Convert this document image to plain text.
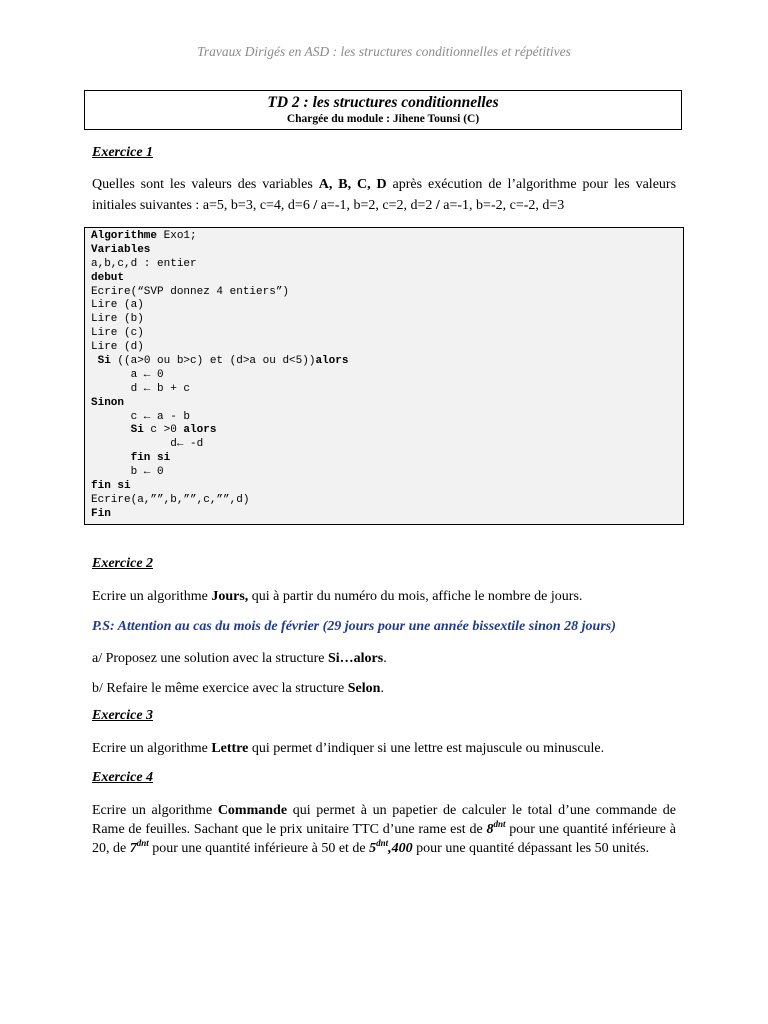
Travaux Dirigés en ASD : les structures conditionnelles et répétitives
TD 2 : les structures conditionnelles
Chargée du module : Jihene Tounsi (C)
Exercice 1
Quelles sont les valeurs des variables A, B, C, D après exécution de l’algorithme pour les valeurs initiales suivantes : a=5, b=3, c=4, d=6 / a=-1, b=2, c=2, d=2 / a=-1, b=-2, c=-2, d=3
Algorithme Exo1;
Variables
a,b,c,d : entier
debut
Ecrire(“SVP donnez 4 entiers”)
Lire (a)
Lire (b)
Lire (c)
Lire (d)
Si ((a>0 ou b>c) et (d>a ou d<5))alors
a ← 0
d ← b + c
Sinon
c ← a - b
Si c >0 alors
d← -d
fin si
b ← 0
fin si
Ecrire(a,””,b,””,c,””,d)
Fin
Exercice 2
Ecrire un algorithme Jours, qui à partir du numéro du mois, affiche le nombre de jours.
P.S: Attention au cas du mois de février (29 jours pour une année bissextile sinon 28 jours)
a/ Proposez une solution avec la structure Si…alors.
b/ Refaire le même exercice avec la structure Selon.
Exercice 3
Ecrire un algorithme Lettre qui permet d’indiquer si une lettre est majuscule ou minuscule.
Exercice 4
Ecrire un algorithme Commande qui permet à un papetier de calculer le total d’une commande de Rame de feuilles. Sachant que le prix unitaire TTC d’une rame est de $8^{dnt}$ pour une quantité inférieure à 20, de $7^{dnt}$ pour une quantité inférieure à 50 et de $5^{dnt},400$ pour une quantité dépassant les 50 unités.
